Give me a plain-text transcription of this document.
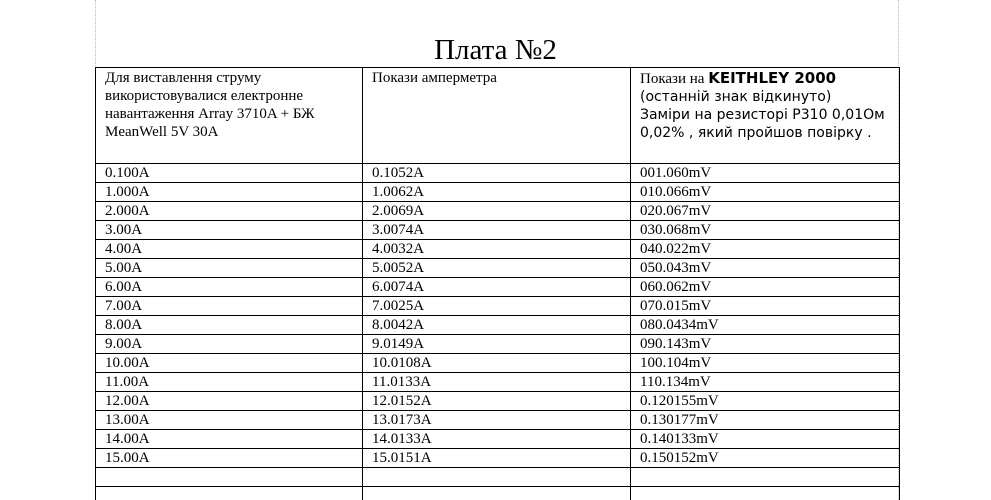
Плата №2
Для виставлення струму використовувалися електронне навантаження Array 3710A + БЖ MeanWell 5V 30A	Покази амперметра	Покази на KEITHLEY 2000
(останній знак відкинуто)
Заміри на резисторі Р310 0,01Ом 0,02% , який пройшов повірку .
0.100A	0.1052A	001.060mV
1.000A	1.0062A	010.066mV
2.000A	2.0069A	020.067mV
3.00A	3.0074A	030.068mV
4.00A	4.0032A	040.022mV
5.00A	5.0052A	050.043mV
6.00A	6.0074A	060.062mV
7.00A	7.0025A	070.015mV
8.00A	8.0042A	080.0434mV
9.00A	9.0149A	090.143mV
10.00A	10.0108A	100.104mV
11.00A	11.0133A	110.134mV
12.00A	12.0152A	0.120155mV
13.00A	13.0173A	0.130177mV
14.00A	14.0133A	0.140133mV
15.00A	15.0151A	0.150152mV
